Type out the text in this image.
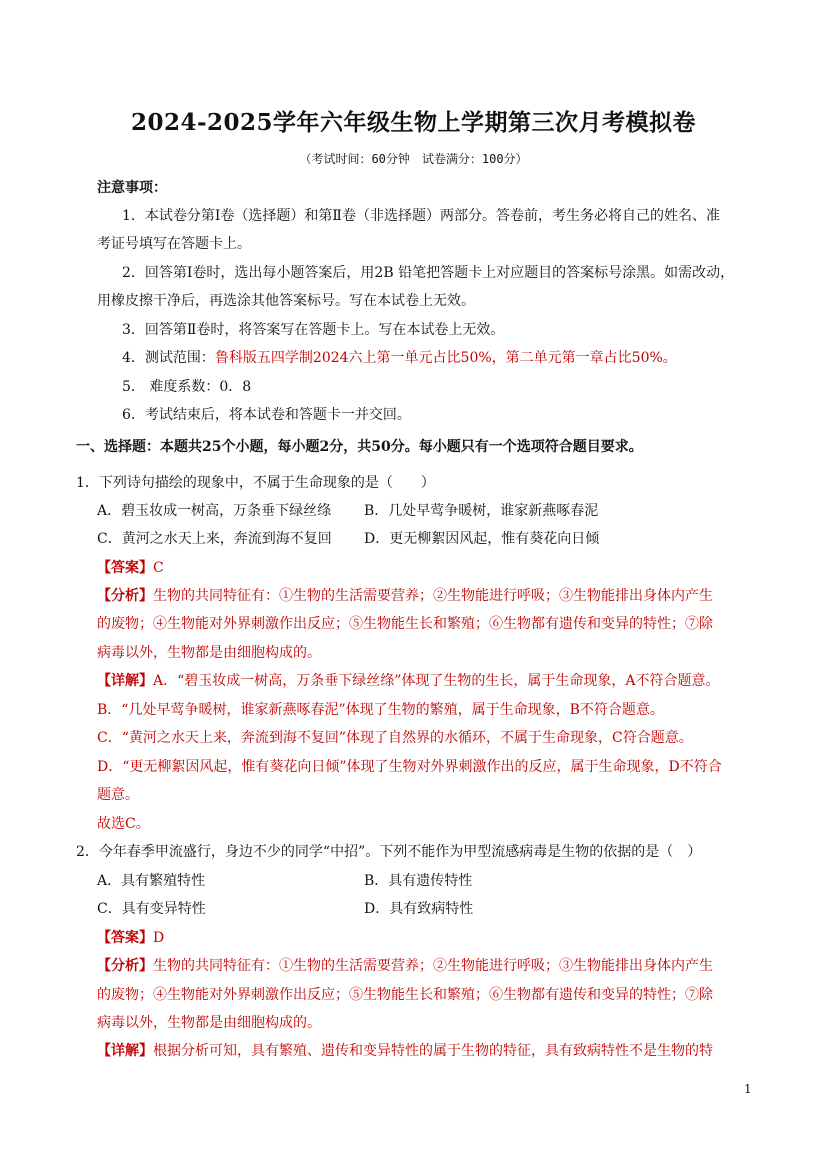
2024-2025学年六年级生物上学期第三次月考模拟卷
（考试时间：60分钟　试卷满分：100分）
注意事项：
1．本试卷分第Ⅰ卷（选择题）和第Ⅱ卷（非选择题）两部分。答卷前，考生务必将自己的姓名、准
考证号填写在答题卡上。
2．回答第Ⅰ卷时，选出每小题答案后，用2B 铅笔把答题卡上对应题目的答案标号涂黑。如需改动，
用橡皮擦干净后，再选涂其他答案标号。写在本试卷上无效。
3．回答第Ⅱ卷时，将答案写在答题卡上。写在本试卷上无效。
4．测试范围：鲁科版五四学制2024六上第一单元占比50%，第二单元第一章占比50%。
5． 难度系数：0．8
6．考试结束后，将本试卷和答题卡一并交回。
一、选择题：本题共25个小题，每小题2分，共50分。每小题只有一个选项符合题目要求。
1．下列诗句描绘的现象中，不属于生命现象的是（　　）
A．碧玉妆成一树高，万条垂下绿丝绦 B．几处早莺争暖树，谁家新燕啄春泥
C．黄河之水天上来，奔流到海不复回 D．更无柳絮因风起，惟有葵花向日倾
【答案】C
【分析】生物的共同特征有：①生物的生活需要营养；②生物能进行呼吸；③生物能排出身体内产生
的废物；④生物能对外界刺激作出反应；⑤生物能生长和繁殖；⑥生物都有遗传和变异的特性；⑦除
病毒以外，生物都是由细胞构成的。
【详解】A．“碧玉妆成一树高，万条垂下绿丝绦”体现了生物的生长，属于生命现象，A不符合题意。
B．“几处早莺争暖树，谁家新燕啄春泥”体现了生物的繁殖，属于生命现象，B不符合题意。
C．“黄河之水天上来，奔流到海不复回”体现了自然界的水循环，不属于生命现象，C符合题意。
D．“更无柳絮因风起，惟有葵花向日倾”体现了生物对外界刺激作出的反应，属于生命现象，D不符合
题意。
故选C。
2．今年春季甲流盛行，身边不少的同学“中招”。下列不能作为甲型流感病毒是生物的依据的是（　）
A．具有繁殖特性	B．具有遗传特性
C．具有变异特性	D．具有致病特性
【答案】D
【分析】生物的共同特征有：①生物的生活需要营养；②生物能进行呼吸；③生物能排出身体内产生
的废物；④生物能对外界刺激作出反应；⑤生物能生长和繁殖；⑥生物都有遗传和变异的特性；⑦除
病毒以外，生物都是由细胞构成的。
【详解】根据分析可知，具有繁殖、遗传和变异特性的属于生物的特征，具有致病特性不是生物的特
1
